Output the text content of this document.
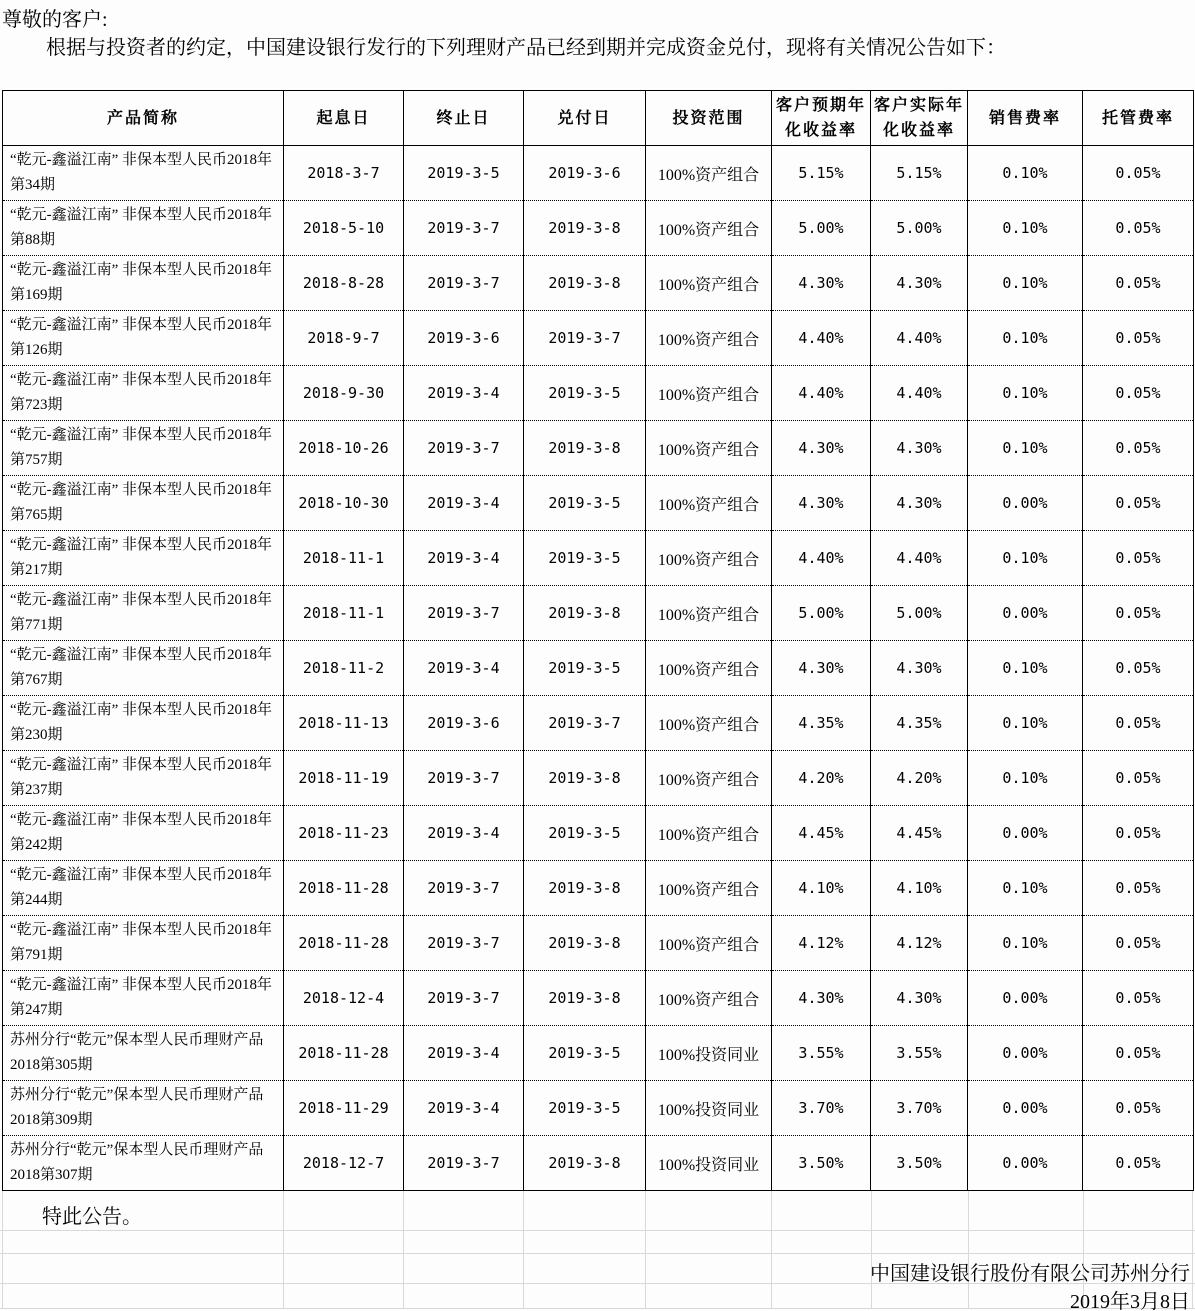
尊敬的客户:
根据与投资者的约定，中国建设银行发行的下列理财产品已经到期并完成资金兑付，现将有关情况公告如下：
产品简称	起息日	终止日	兑付日	投资范围	客户预期年化收益率	客户实际年化收益率	销售费率	托管费率
“乾元-鑫溢江南” 非保本型人民币2018年第34期	2018-3-7	2019-3-5	2019-3-6	100%资产组合	5.15%	5.15%	0.10%	0.05%
“乾元-鑫溢江南” 非保本型人民币2018年第88期	2018-5-10	2019-3-7	2019-3-8	100%资产组合	5.00%	5.00%	0.10%	0.05%
“乾元-鑫溢江南” 非保本型人民币2018年第169期	2018-8-28	2019-3-7	2019-3-8	100%资产组合	4.30%	4.30%	0.10%	0.05%
“乾元-鑫溢江南” 非保本型人民币2018年第126期	2018-9-7	2019-3-6	2019-3-7	100%资产组合	4.40%	4.40%	0.10%	0.05%
“乾元-鑫溢江南” 非保本型人民币2018年第723期	2018-9-30	2019-3-4	2019-3-5	100%资产组合	4.40%	4.40%	0.10%	0.05%
“乾元-鑫溢江南” 非保本型人民币2018年第757期	2018-10-26	2019-3-7	2019-3-8	100%资产组合	4.30%	4.30%	0.10%	0.05%
“乾元-鑫溢江南” 非保本型人民币2018年第765期	2018-10-30	2019-3-4	2019-3-5	100%资产组合	4.30%	4.30%	0.00%	0.05%
“乾元-鑫溢江南” 非保本型人民币2018年第217期	2018-11-1	2019-3-4	2019-3-5	100%资产组合	4.40%	4.40%	0.10%	0.05%
“乾元-鑫溢江南” 非保本型人民币2018年第771期	2018-11-1	2019-3-7	2019-3-8	100%资产组合	5.00%	5.00%	0.00%	0.05%
“乾元-鑫溢江南” 非保本型人民币2018年第767期	2018-11-2	2019-3-4	2019-3-5	100%资产组合	4.30%	4.30%	0.10%	0.05%
“乾元-鑫溢江南” 非保本型人民币2018年第230期	2018-11-13	2019-3-6	2019-3-7	100%资产组合	4.35%	4.35%	0.10%	0.05%
“乾元-鑫溢江南” 非保本型人民币2018年第237期	2018-11-19	2019-3-7	2019-3-8	100%资产组合	4.20%	4.20%	0.10%	0.05%
“乾元-鑫溢江南” 非保本型人民币2018年第242期	2018-11-23	2019-3-4	2019-3-5	100%资产组合	4.45%	4.45%	0.00%	0.05%
“乾元-鑫溢江南” 非保本型人民币2018年第244期	2018-11-28	2019-3-7	2019-3-8	100%资产组合	4.10%	4.10%	0.10%	0.05%
“乾元-鑫溢江南” 非保本型人民币2018年第791期	2018-11-28	2019-3-7	2019-3-8	100%资产组合	4.12%	4.12%	0.10%	0.05%
“乾元-鑫溢江南” 非保本型人民币2018年第247期	2018-12-4	2019-3-7	2019-3-8	100%资产组合	4.30%	4.30%	0.00%	0.05%
苏州分行“乾元”保本型人民币理财产品2018第305期	2018-11-28	2019-3-4	2019-3-5	100%投资同业	3.55%	3.55%	0.00%	0.05%
苏州分行“乾元”保本型人民币理财产品2018第309期	2018-11-29	2019-3-4	2019-3-5	100%投资同业	3.70%	3.70%	0.00%	0.05%
苏州分行“乾元”保本型人民币理财产品2018第307期	2018-12-7	2019-3-7	2019-3-8	100%投资同业	3.50%	3.50%	0.00%	0.05%
特此公告。
中国建设银行股份有限公司苏州分行
2019年3月8日
